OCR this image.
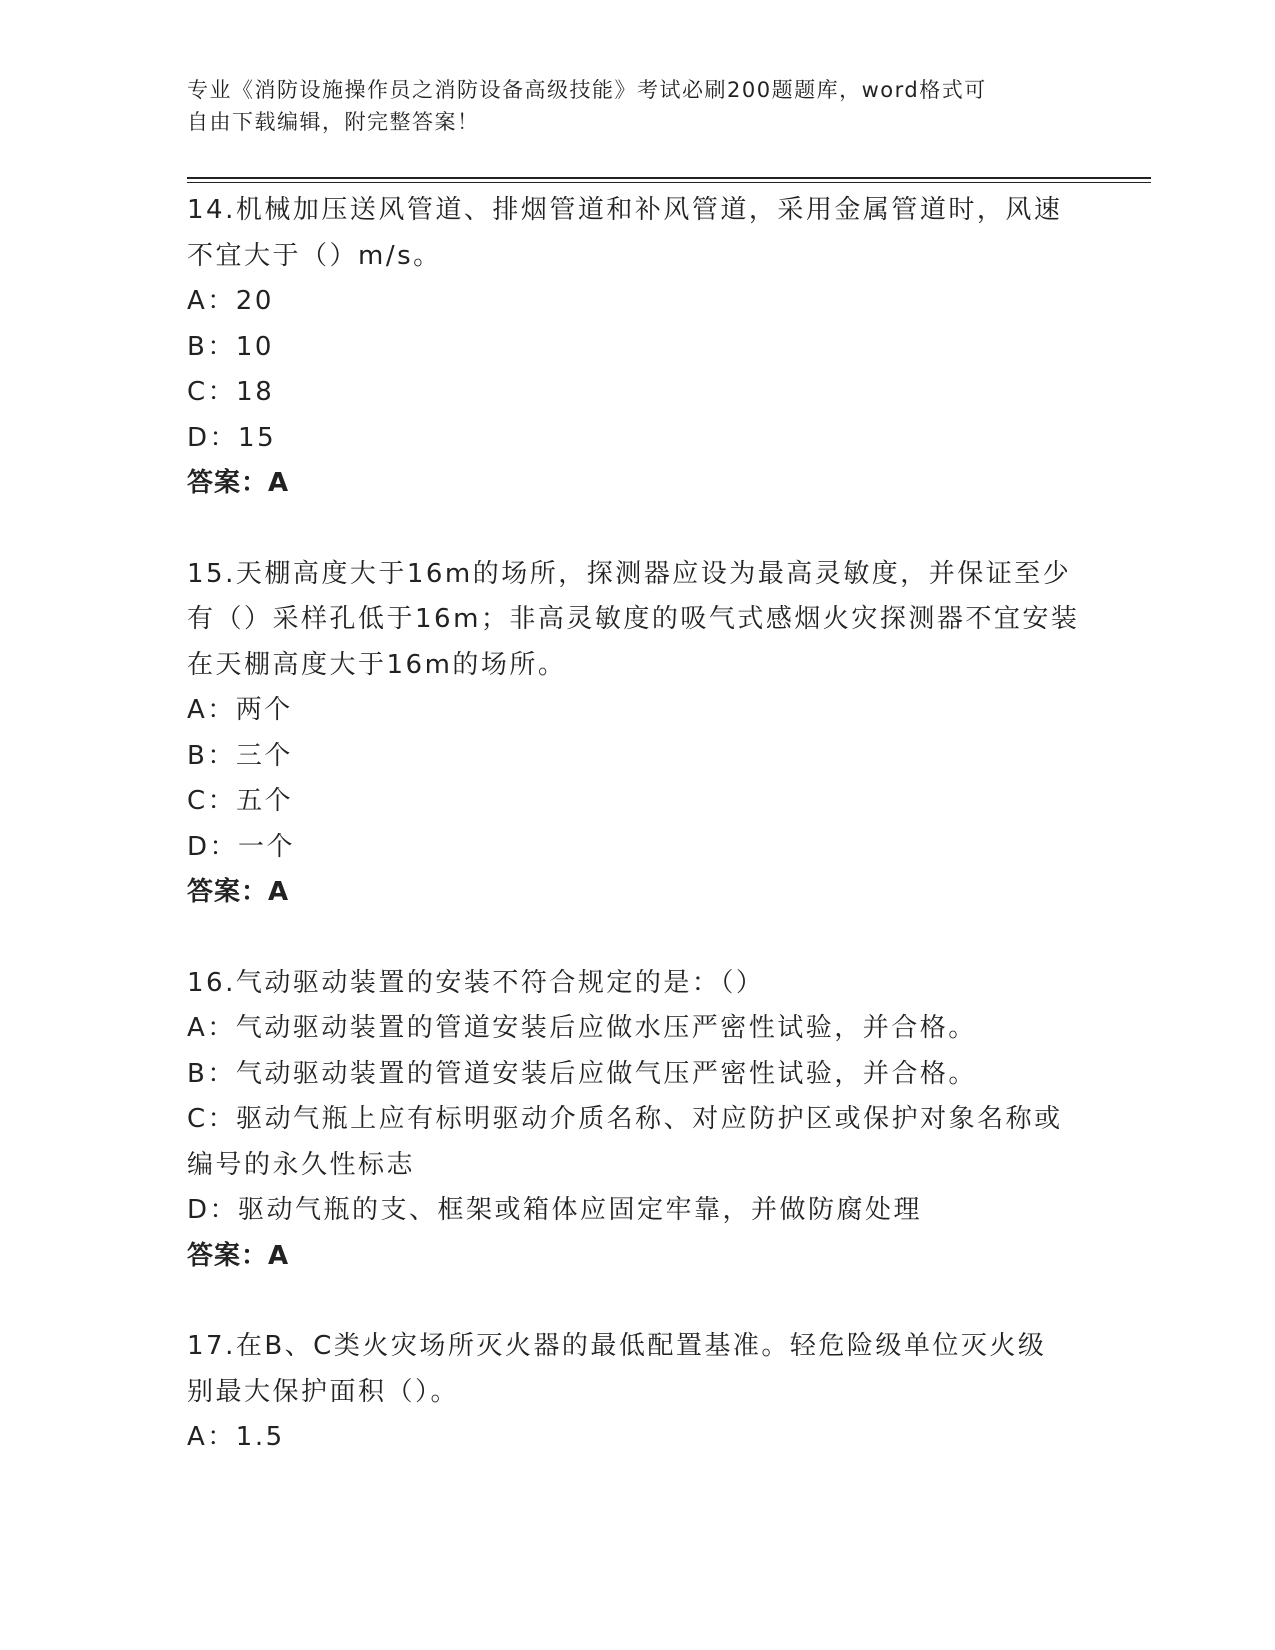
专业《消防设施操作员之消防设备高级技能》考试必刷200题题库，word格式可
自由下载编辑，附完整答案！
14.机械加压送风管道、排烟管道和补风管道，采用金属管道时，风速
不宜大于（）m/s。
A：20
B：10
C：18
D：15
答案：A
15.天棚高度大于16m的场所，探测器应设为最高灵敏度，并保证至少
有（）采样孔低于16m；非高灵敏度的吸气式感烟火灾探测器不宜安装
在天棚高度大于16m的场所。
A：两个
B：三个
C：五个
D：一个
答案：A
16.气动驱动装置的安装不符合规定的是：（）
A：气动驱动装置的管道安装后应做水压严密性试验，并合格。
B：气动驱动装置的管道安装后应做气压严密性试验，并合格。
C：驱动气瓶上应有标明驱动介质名称、对应防护区或保护对象名称或
编号的永久性标志
D：驱动气瓶的支、框架或箱体应固定牢靠，并做防腐处理
答案：A
17.在B、C类火灾场所灭火器的最低配置基准。轻危险级单位灭火级
别最大保护面积（）。
A：1.5
